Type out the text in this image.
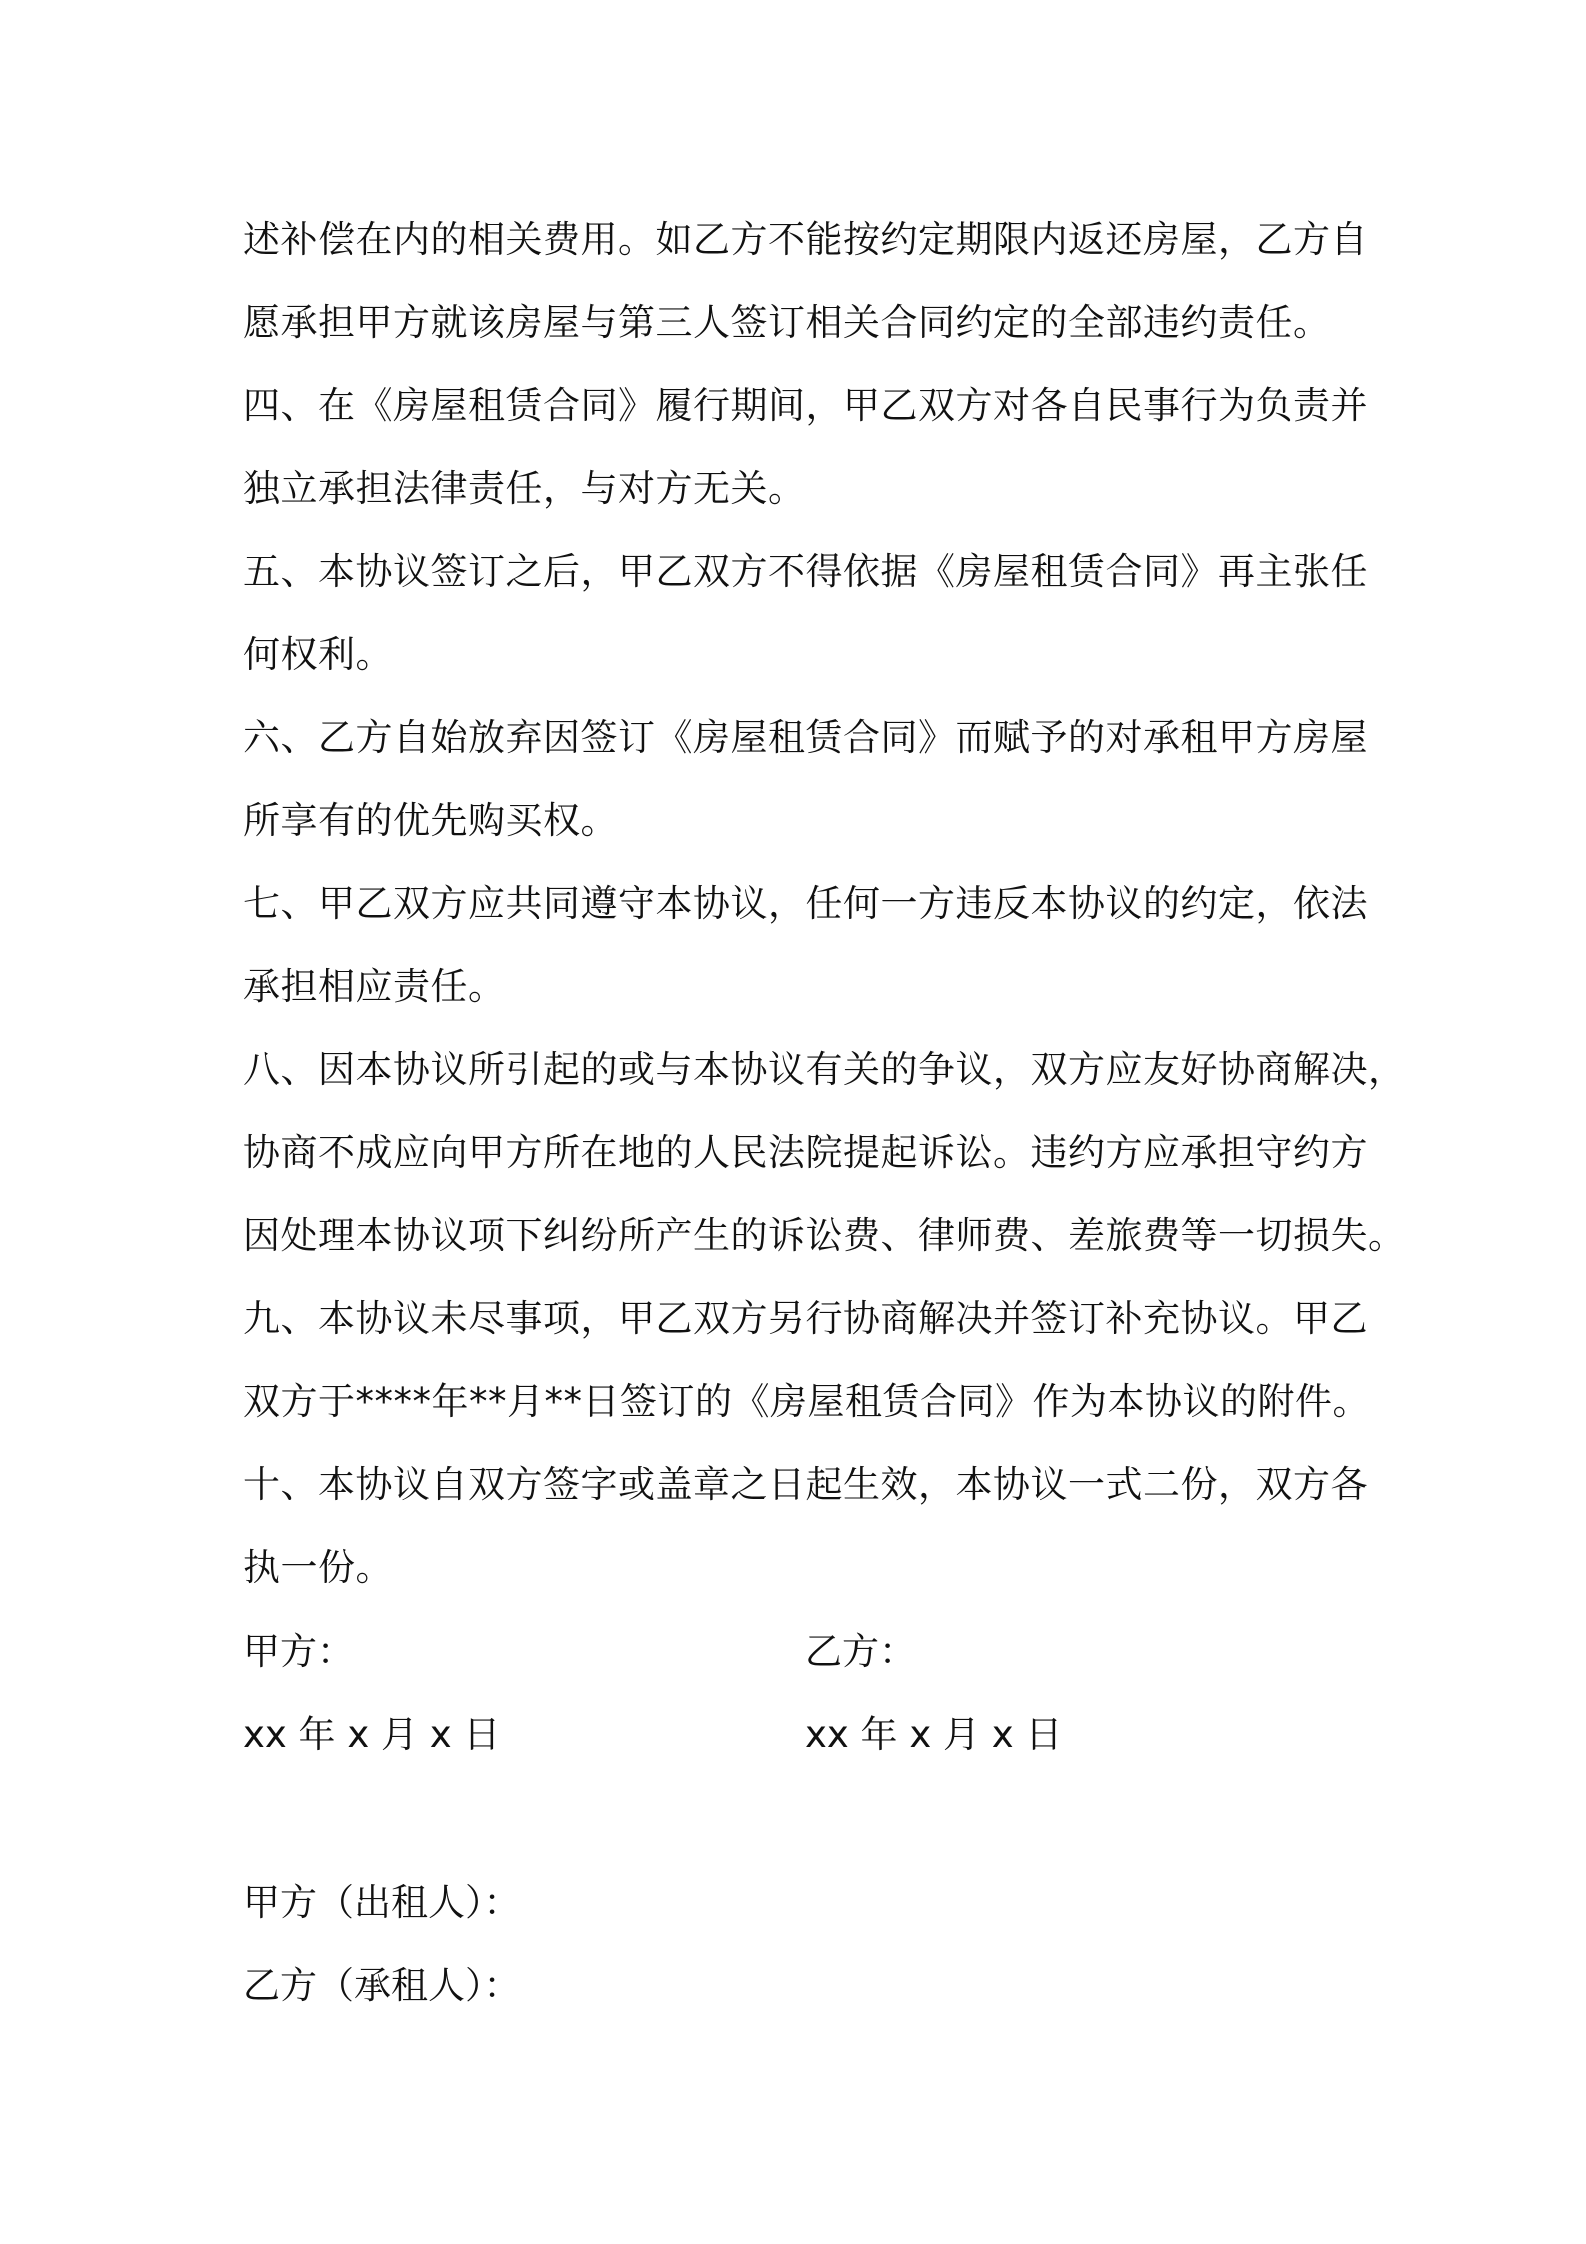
述补偿在内的相关费用。如乙方不能按约定期限内返还房屋，乙方自
愿承担甲方就该房屋与第三人签订相关合同约定的全部违约责任。
四、在《房屋租赁合同》履行期间，甲乙双方对各自民事行为负责并
独立承担法律责任，与对方无关。
五、本协议签订之后，甲乙双方不得依据《房屋租赁合同》再主张任
何权利。
六、乙方自始放弃因签订《房屋租赁合同》而赋予的对承租甲方房屋
所享有的优先购买权。
七、甲乙双方应共同遵守本协议，任何一方违反本协议的约定，依法
承担相应责任。
八、因本协议所引起的或与本协议有关的争议，双方应友好协商解决，
协商不成应向甲方所在地的人民法院提起诉讼。违约方应承担守约方
因处理本协议项下纠纷所产生的诉讼费、律师费、差旅费等一切损失。
九、本协议未尽事项，甲乙双方另行协商解决并签订补充协议。甲乙
双方于****年**月**日签订的《房屋租赁合同》作为本协议的附件。
十、本协议自双方签字或盖章之日起生效，本协议一式二份，双方各
执一份。
甲方：	乙方：
xx 年 x 月 x 日	xx 年 x 月 x 日
甲方（出租人）：
乙方（承租人）：
